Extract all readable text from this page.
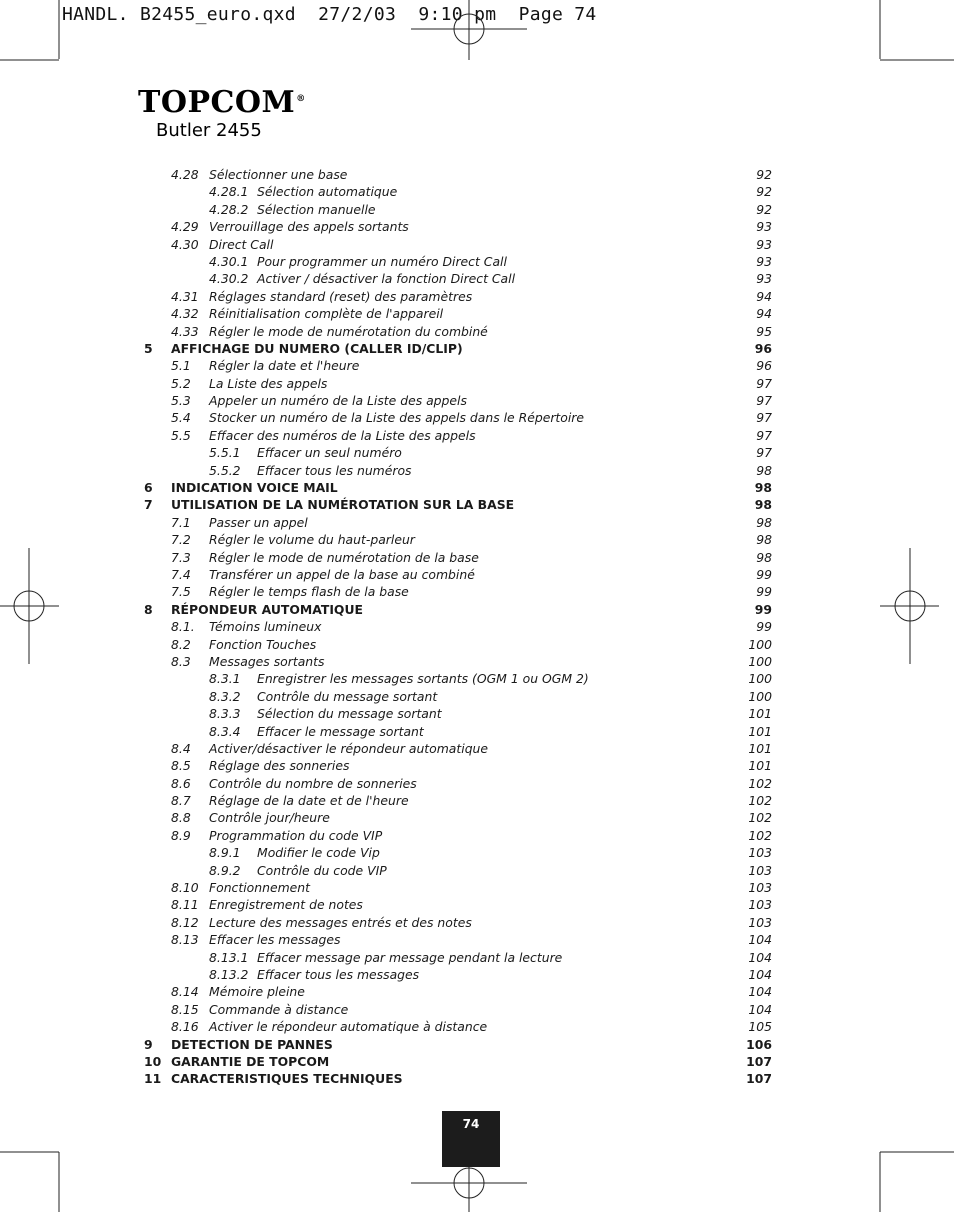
HANDL. B2455_euro.qxd  27/2/03  9:10 pm  Page 74
TOPCOM®
Butler 2455
4.28 Sélectionner une base	92
4.28.1 Sélection automatique	92
4.28.2 Sélection manuelle	92
4.29 Verrouillage des appels sortants	93
4.30 Direct Call	93
4.30.1 Pour programmer un numéro Direct Call	93
4.30.2 Activer / désactiver la fonction Direct Call	93
4.31 Réglages standard (reset) des paramètres	94
4.32 Réinitialisation complète de l'appareil	94
4.33 Régler le mode de numérotation du combiné	95
5 AFFICHAGE DU NUMERO (CALLER ID/CLIP)	96
5.1 Régler la date et l'heure	96
5.2 La Liste des appels	97
5.3 Appeler un numéro de la Liste des appels	97
5.4 Stocker un numéro de la Liste des appels dans le Répertoire	97
5.5 Effacer des numéros de la Liste des appels	97
5.5.1 Effacer un seul numéro	97
5.5.2 Effacer tous les numéros	98
6 INDICATION VOICE MAIL	98
7 UTILISATION DE LA NUMÉROTATION SUR LA BASE	98
7.1 Passer un appel	98
7.2 Régler le volume du haut-parleur	98
7.3 Régler le mode de numérotation de la base	98
7.4 Transférer un appel de la base au combiné	99
7.5 Régler le temps flash de la base	99
8 RÉPONDEUR AUTOMATIQUE	99
8.1. Témoins lumineux	99
8.2 Fonction Touches	100
8.3 Messages sortants	100
8.3.1 Enregistrer les messages sortants (OGM 1 ou OGM 2)	100
8.3.2 Contrôle du message sortant	100
8.3.3 Sélection du message sortant	101
8.3.4 Effacer le message sortant	101
8.4 Activer/désactiver le répondeur automatique	101
8.5 Réglage des sonneries	101
8.6 Contrôle du nombre de sonneries	102
8.7 Réglage de la date et de l'heure	102
8.8 Contrôle jour/heure	102
8.9 Programmation du code VIP	102
8.9.1 Modifier le code Vip	103
8.9.2 Contrôle du code VIP	103
8.10 Fonctionnement	103
8.11 Enregistrement de notes	103
8.12 Lecture des messages entrés et des notes	103
8.13 Effacer les messages	104
8.13.1 Effacer message par message pendant la lecture	104
8.13.2 Effacer tous les messages	104
8.14 Mémoire pleine	104
8.15 Commande à distance	104
8.16 Activer le répondeur automatique à distance	105
9 DETECTION DE PANNES	106
10 GARANTIE DE TOPCOM	107
11 CARACTERISTIQUES TECHNIQUES	107
74
